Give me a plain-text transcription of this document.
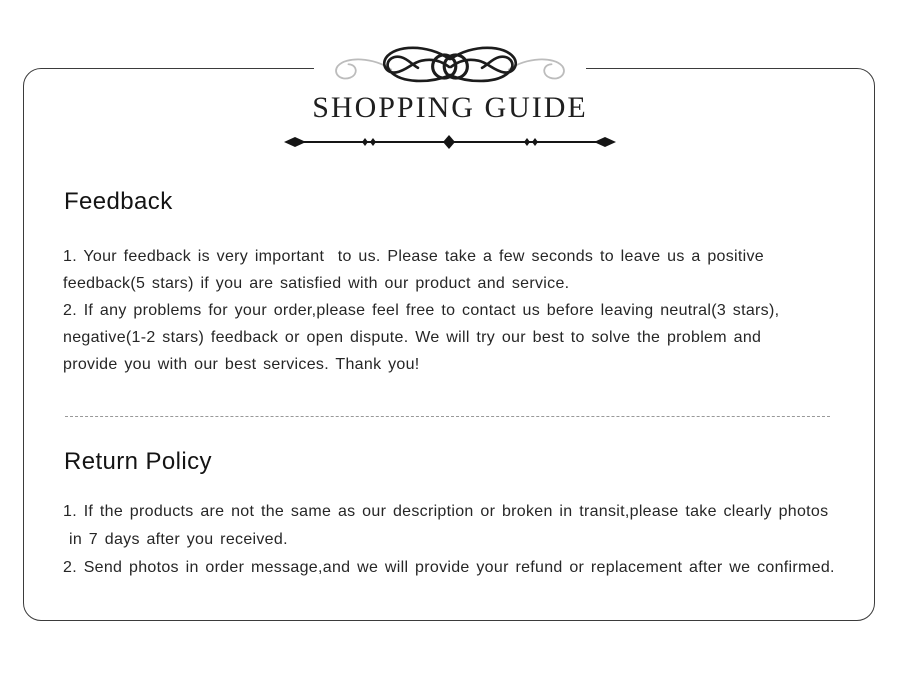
SHOPPING GUIDE
Feedback
1. Your feedback is very important  to us. Please take a few seconds to leave us a positive
feedback(5 stars) if you are satisfied with our product and service.
2. If any problems for your order,please feel free to contact us before leaving neutral(3 stars),
negative(1-2 stars) feedback or open dispute. We will try our best to solve the problem and
provide you with our best services. Thank you!
Return Policy
1. If the products are not the same as our description or broken in transit,please take clearly photos
in 7 days after you received.
2. Send photos in order message,and we will provide your refund or replacement after we confirmed.
